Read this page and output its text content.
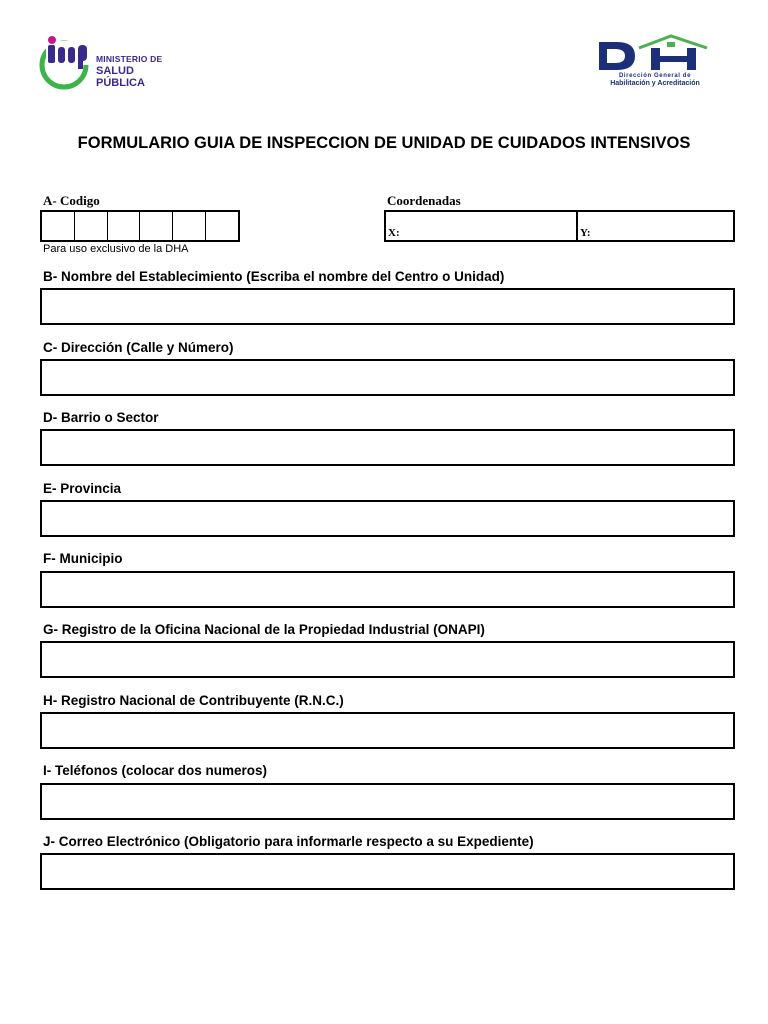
MINISTERIO DE
SALUD PÚBLICA
Dirección General de
Habilitación y Acreditación
FORMULARIO GUIA DE INSPECCION DE UNIDAD DE CUIDADOS INTENSIVOS
A- Codigo
Para uso exclusivo de la DHA
Coordenadas
X:	Y:
B- Nombre del Establecimiento (Escriba el nombre del Centro o Unidad)
C- Dirección (Calle y Número)
D- Barrio o Sector
E- Provincia
F- Municipio
G- Registro de la Oficina Nacional de la Propiedad Industrial (ONAPI)
H- Registro Nacional de Contribuyente (R.N.C.)
I- Teléfonos (colocar dos numeros)
J- Correo Electrónico (Obligatorio para informarle respecto a su Expediente)
